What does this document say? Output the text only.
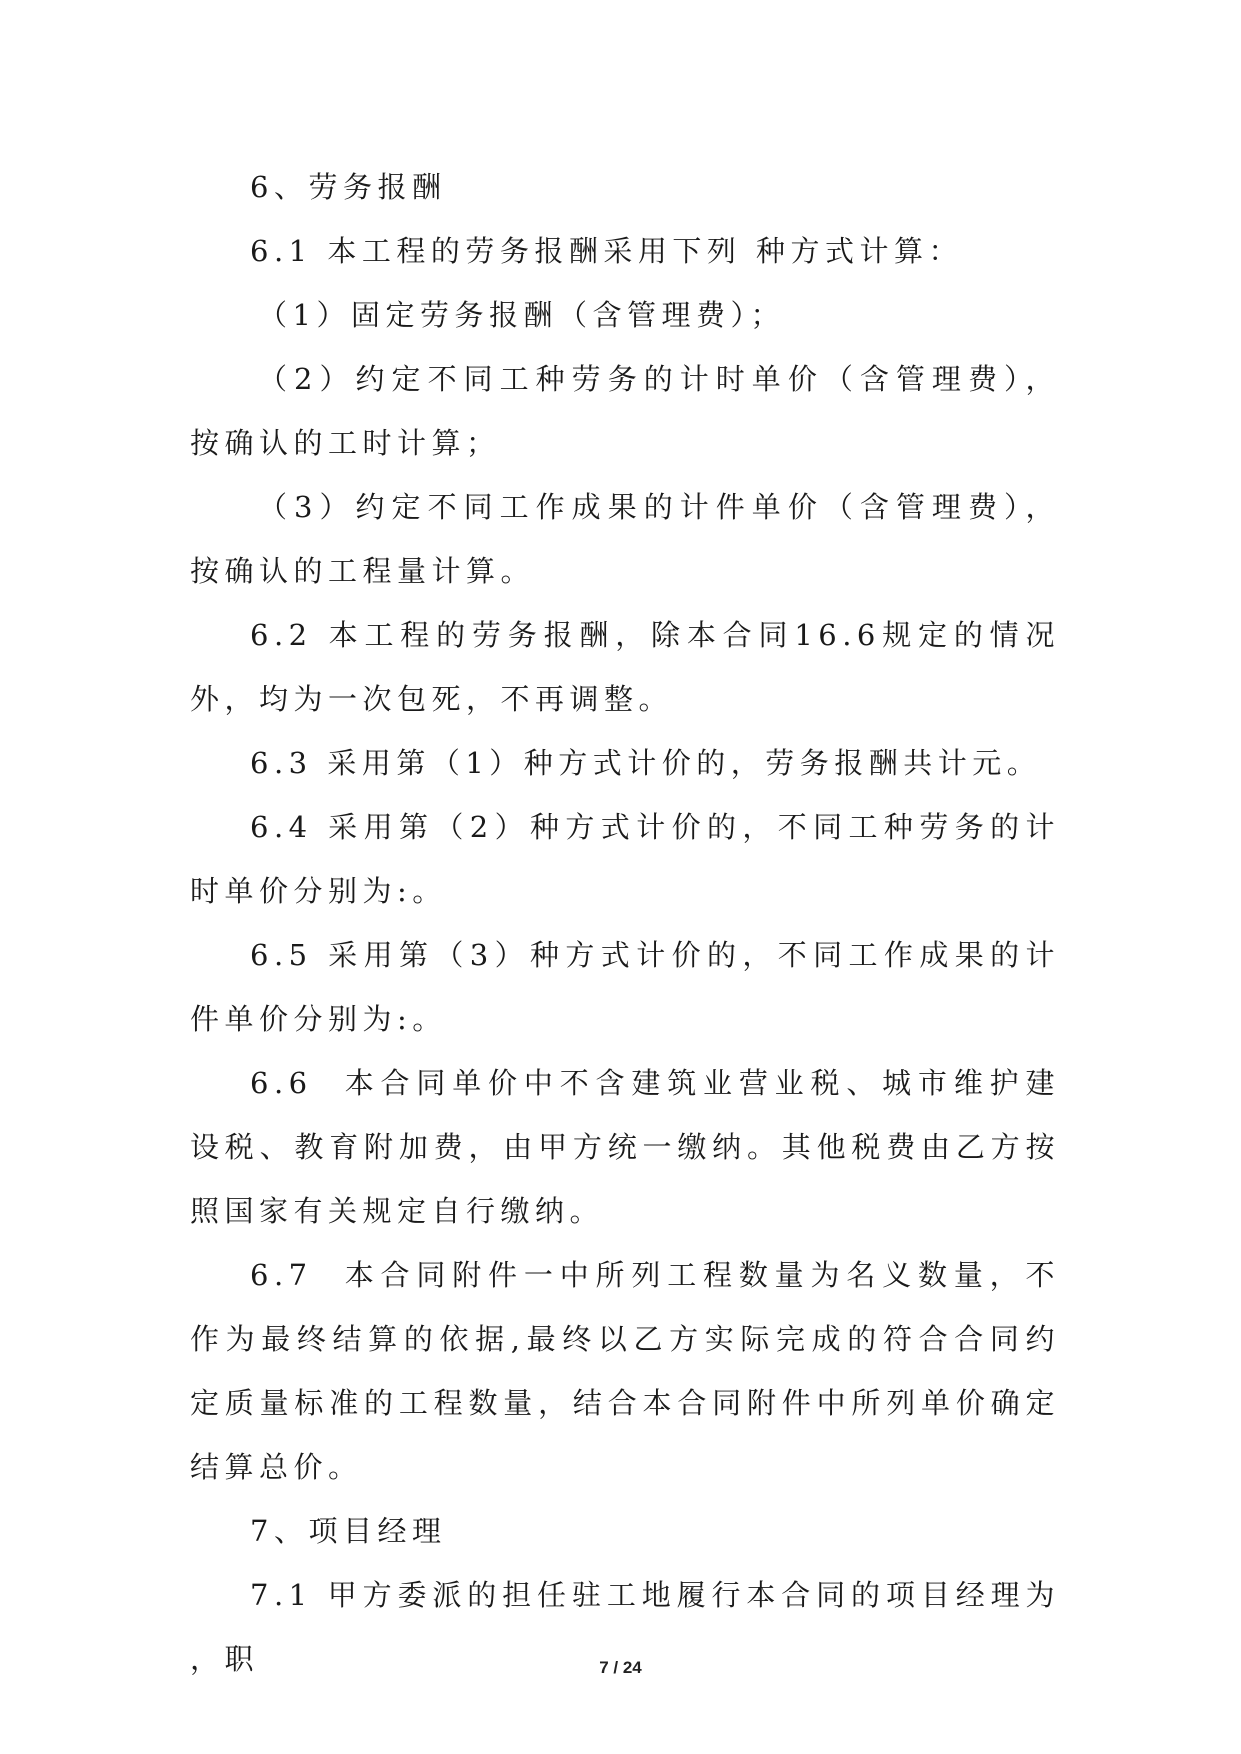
6、劳务报酬

6.1 本工程的劳务报酬采用下列 种方式计算：

（1）固定劳务报酬（含管理费）；

（2）约定不同工种劳务的计时单价（含管理费），按确认的工时计算；

（3）约定不同工作成果的计件单价（含管理费），按确认的工程量计算。

6.2 本工程的劳务报酬，除本合同16.6规定的情况外，均为一次包死，不再调整。

6.3 采用第（1）种方式计价的，劳务报酬共计元。

6.4 采用第（2）种方式计价的，不同工种劳务的计时单价分别为:。

6.5 采用第（3）种方式计价的，不同工作成果的计件单价分别为:。

6.6  本合同单价中不含建筑业营业税、城市维护建设税、教育附加费，由甲方统一缴纳。其他税费由乙方按照国家有关规定自行缴纳。

6.7  本合同附件一中所列工程数量为名义数量，不作为最终结算的依据,最终以乙方实际完成的符合合同约定质量标准的工程数量，结合本合同附件中所列单价确定结算总价。

7、项目经理

7.1 甲方委派的担任驻工地履行本合同的项目经理为 ，职	7 / 24
